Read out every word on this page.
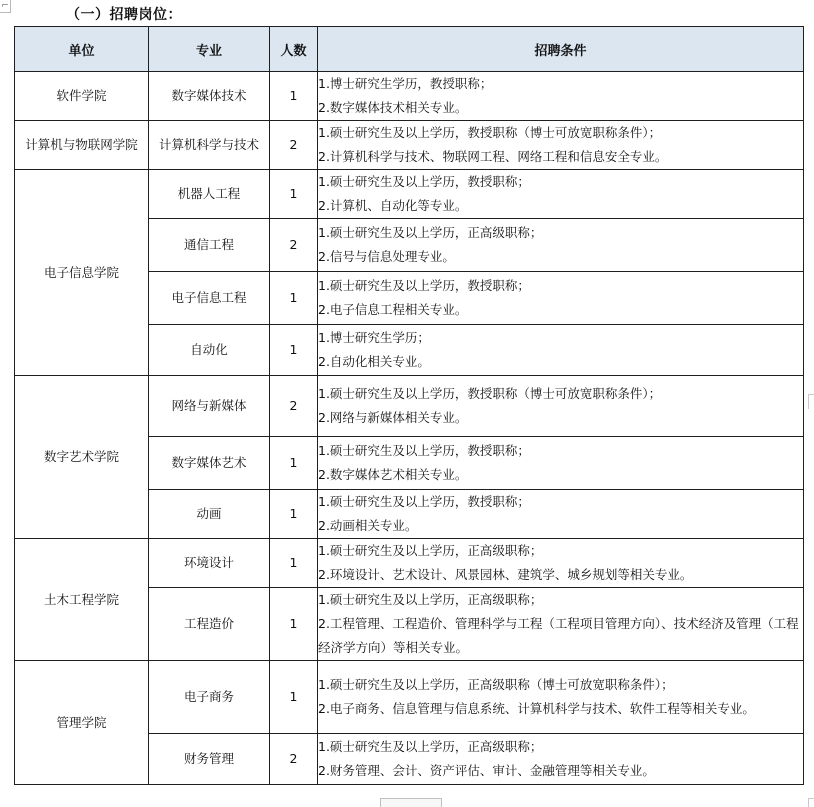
⌐
（一）招聘岗位：
单位	专业	人数	招聘条件
软件学院	数字媒体技术	1	1.博士研究生学历，教授职称；
2.数字媒体技术相关专业。

计算机与物联网学院	计算机科学与技术	2	1.硕士研究生及以上学历，教授职称（博士可放宽职称条件）；
2.计算机科学与技术、物联网工程、网络工程和信息安全专业。

电子信息学院	机器人工程	1	1.硕士研究生及以上学历，教授职称；
2.计算机、自动化等专业。

	通信工程	2	1.硕士研究生及以上学历，正高级职称；
2.信号与信息处理专业。

	电子信息工程	1	1.硕士研究生及以上学历，教授职称；
2.电子信息工程相关专业。

	自动化	1	1.博士研究生学历；
2.自动化相关专业。

数字艺术学院	网络与新媒体	2	1.硕士研究生及以上学历，教授职称（博士可放宽职称条件）；
2.网络与新媒体相关专业。

	数字媒体艺术	1	1.硕士研究生及以上学历，教授职称；
2.数字媒体艺术相关专业。

	动画	1	1.硕士研究生及以上学历，教授职称；
2.动画相关专业。

土木工程学院	环境设计	1	1.硕士研究生及以上学历，正高级职称；
2.环境设计、艺术设计、风景园林、建筑学、城乡规划等相关专业。

	工程造价	1	1.硕士研究生及以上学历，正高级职称；
2.工程管理、工程造价、管理科学与工程（工程项目管理方向）、技术经济及管理（工程经济学方向）等相关专业。

管理学院	电子商务	1	1.硕士研究生及以上学历，正高级职称（博士可放宽职称条件）；
2.电子商务、信息管理与信息系统、计算机科学与技术、软件工程等相关专业。

	财务管理	2	1.硕士研究生及以上学历，正高级职称；
2.财务管理、会计、资产评估、审计、金融管理等相关专业。
